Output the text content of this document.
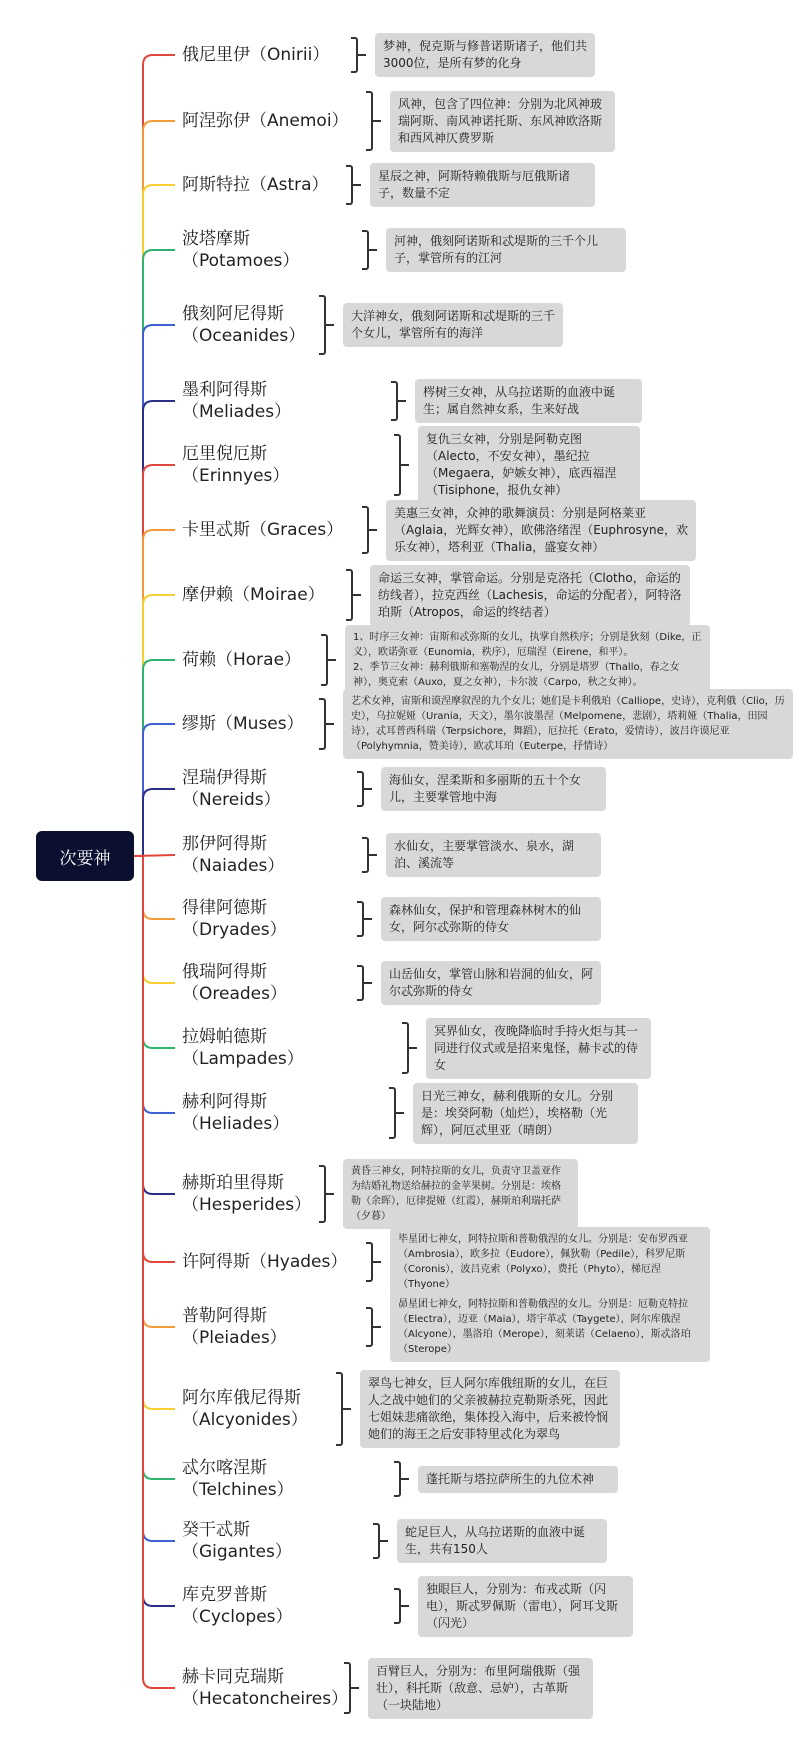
次要神
俄尼里伊（Onirii）	梦神，倪克斯与修普诺斯诸子，他们共3000位，是所有梦的化身
阿涅弥伊（Anemoi）
风神，包含了四位神：分别为北风神玻瑞阿斯、南风神诺托斯、东风神欧洛斯和西风神仄费罗斯
阿斯特拉（Astra）	星辰之神，阿斯特赖俄斯与厄俄斯诸子，数量不定
波塔摩斯（Potamoes）
河神，俄刻阿诺斯和忒堤斯的三千个儿子，掌管所有的江河
俄刻阿尼得斯（Oceanides）
大洋神女，俄刻阿诺斯和忒堤斯的三千个女儿，掌管所有的海洋
墨利阿得斯（Meliades）
梣树三女神，从乌拉诺斯的血液中诞生；属自然神女系，生来好战
厄里倪厄斯（Erinnyes）
复仇三女神，分别是阿勒克图（Alecto，不安女神），墨纪拉（Megaera，妒嫉女神），底西福涅（Tisiphone，报仇女神）
卡里忒斯（Graces）
美惠三女神，众神的歌舞演员：分别是阿格莱亚（Aglaia，光辉女神），欧佛洛绪涅（Euphrosyne，欢乐女神），塔利亚（Thalia，盛宴女神）
摩伊赖（Moirae）
命运三女神，掌管命运。分别是克洛托（Clotho，命运的纺线者），拉克西丝（Lachesis，命运的分配者），阿特洛珀斯（Atropos，命运的终结者）
荷赖（Horae）
1、时序三女神：宙斯和忒弥斯的女儿，执掌自然秩序；分别是狄刻（Dike，正义），欧诺弥亚（Eunomia，秩序），厄瑞涅（Eirene，和平）。
2、季节三女神：赫利俄斯和塞勒涅的女儿，分别是塔罗（Thallo，春之女神），奥克索（Auxo，夏之女神），卡尔波（Carpo，秋之女神）。
缪斯（Muses）
艺术女神，宙斯和谟涅摩叙涅的九个女儿；她们是卡利俄珀（Calliope，史诗），克利俄（Clio，历史），乌拉妮娅（Urania，天文），墨尔波墨涅（Melpomene，悲剧），塔莉娅（Thalia，田园诗），忒耳普西科瑞（Terpsichore，舞蹈），厄拉托（Erato，爱情诗），波吕许谟尼亚（Polyhymnia，赞美诗），欧忒耳珀（Euterpe，抒情诗）
涅瑞伊得斯（Nereids）
海仙女，涅柔斯和多丽斯的五十个女儿，主要掌管地中海
那伊阿得斯（Naiades）
水仙女，主要掌管淡水、泉水，湖泊、溪流等
得律阿德斯（Dryades）
森林仙女，保护和管理森林树木的仙女，阿尔忒弥斯的侍女
俄瑞阿得斯（Oreades）
山岳仙女，掌管山脉和岩洞的仙女，阿尔忒弥斯的侍女
拉姆帕德斯（Lampades）
冥界仙女，夜晚降临时手持火炬与其一同进行仪式或是招来鬼怪，赫卡忒的侍女
赫利阿得斯（Heliades）
日光三神女，赫利俄斯的女儿。分别是：埃癸阿勒（灿烂），埃格勒（光辉），阿厄忒里亚（晴朗）
赫斯珀里得斯（Hesperides）
黄昏三神女，阿特拉斯的女儿，负责守卫盖亚作为结婚礼物送给赫拉的金苹果树。分别是：埃格勒（余晖），厄律提娅（红霞），赫斯珀利瑞托萨（夕暮）
许阿得斯（Hyades）
毕星团七神女，阿特拉斯和普勒俄涅的女儿。分别是：安布罗西亚（Ambrosia），欧多拉（Eudore），佩狄勒（Pedile），科罗尼斯（Coronis），波吕克索（Polyxo），费托（Phyto），梯厄涅（Thyone）
普勒阿得斯（Pleiades）
昴星团七神女，阿特拉斯和普勒俄涅的女儿。分别是：厄勒克特拉（Electra），迈亚（Maia），塔宇革忒（Taygete），阿尔库俄涅（Alcyone），墨洛珀（Merope），刻莱诺（Celaeno），斯忒洛珀（Sterope）
阿尔库俄尼得斯（Alcyonides）
翠鸟七神女，巨人阿尔库俄纽斯的女儿，在巨人之战中她们的父亲被赫拉克勒斯杀死，因此七姐妹悲痛欲绝，集体投入海中，后来被怜悯她们的海王之后安菲特里忒化为翠鸟
忒尔喀涅斯（Telchines）
蓬托斯与塔拉萨所生的九位术神
癸干忒斯（Gigantes）
蛇足巨人，从乌拉诺斯的血液中诞生，共有150人
库克罗普斯（Cyclopes）
独眼巨人，分别为：布戎忒斯（闪电），斯忒罗佩斯（雷电），阿耳戈斯（闪光）
赫卡同克瑞斯（Hecatoncheires）
百臂巨人，分别为：布里阿瑞俄斯（强壮），科托斯（敌意、忌妒），古革斯（一块陆地）
